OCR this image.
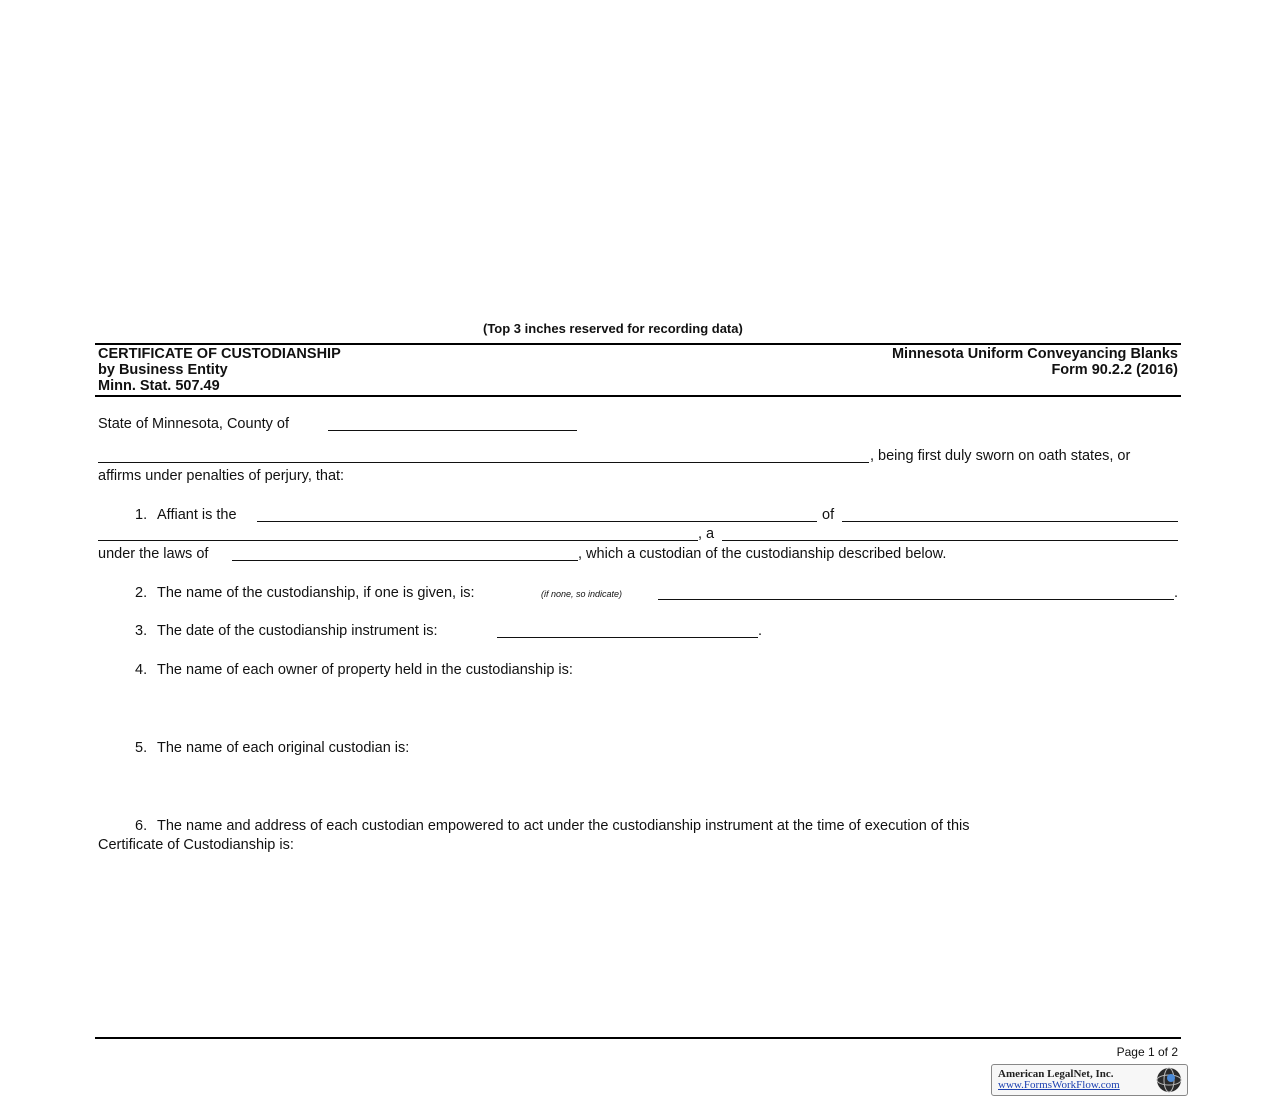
(Top 3 inches reserved for recording data)
CERTIFICATE OF CUSTODIANSHIP
by Business Entity
Minn. Stat. 507.49
Minnesota Uniform Conveyancing Blanks
Form 90.2.2 (2016)
State of Minnesota, County of
, being first duly sworn on oath states, or
affirms under penalties of perjury, that:
1. Affiant is the	of
, a
under the laws of	, which a custodian of the custodianship described below.
2. The name of the custodianship, if one is given, is:	(if none, so indicate)	.
3. The date of the custodianship instrument is:	.
4. The name of each owner of property held in the custodianship is:
5. The name of each original custodian is:
6. The name and address of each custodian empowered to act under the custodianship instrument at the time of execution of this
Certificate of Custodianship is:
Page 1 of 2
American LegalNet, Inc.
www.FormsWorkFlow.com
